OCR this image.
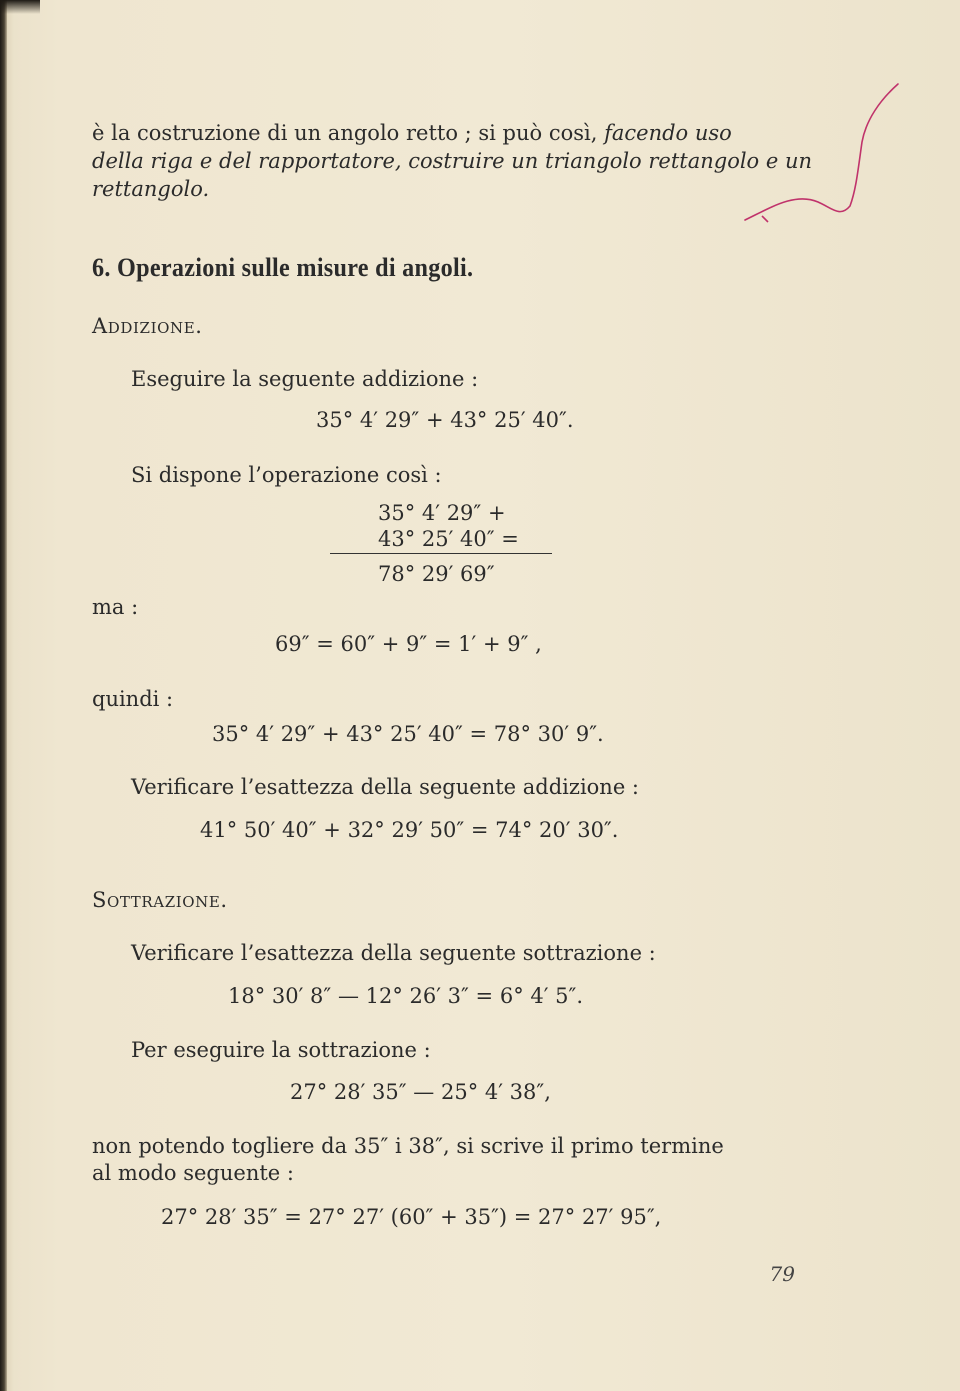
è la costruzione di un angolo retto ; si può così, facendo uso
della riga e del rapportatore, costruire un triangolo rettangolo e un
rettangolo.
6. Operazioni sulle misure di angoli.
Addizione.
Eseguire la seguente addizione :
35° 4′ 29″ + 43° 25′ 40″.
Si dispone l’operazione così :
35° 4′ 29″ +
43° 25′ 40″ =
78° 29′ 69″
ma :
69″ = 60″ + 9″ = 1′ + 9″ ,
quindi :
35° 4′ 29″ + 43° 25′ 40″ = 78° 30′ 9″.
Verificare l’esattezza della seguente addizione :
41° 50′ 40″ + 32° 29′ 50″ = 74° 20′ 30″.
Sottrazione.
Verificare l’esattezza della seguente sottrazione :
18° 30′ 8″ — 12° 26′ 3″ = 6° 4′ 5″.
Per eseguire la sottrazione :
27° 28′ 35″ — 25° 4′ 38″,
non potendo togliere da 35″ i 38″, si scrive il primo termine
al modo seguente :
27° 28′ 35″ = 27° 27′ (60″ + 35″) = 27° 27′ 95″,
79
